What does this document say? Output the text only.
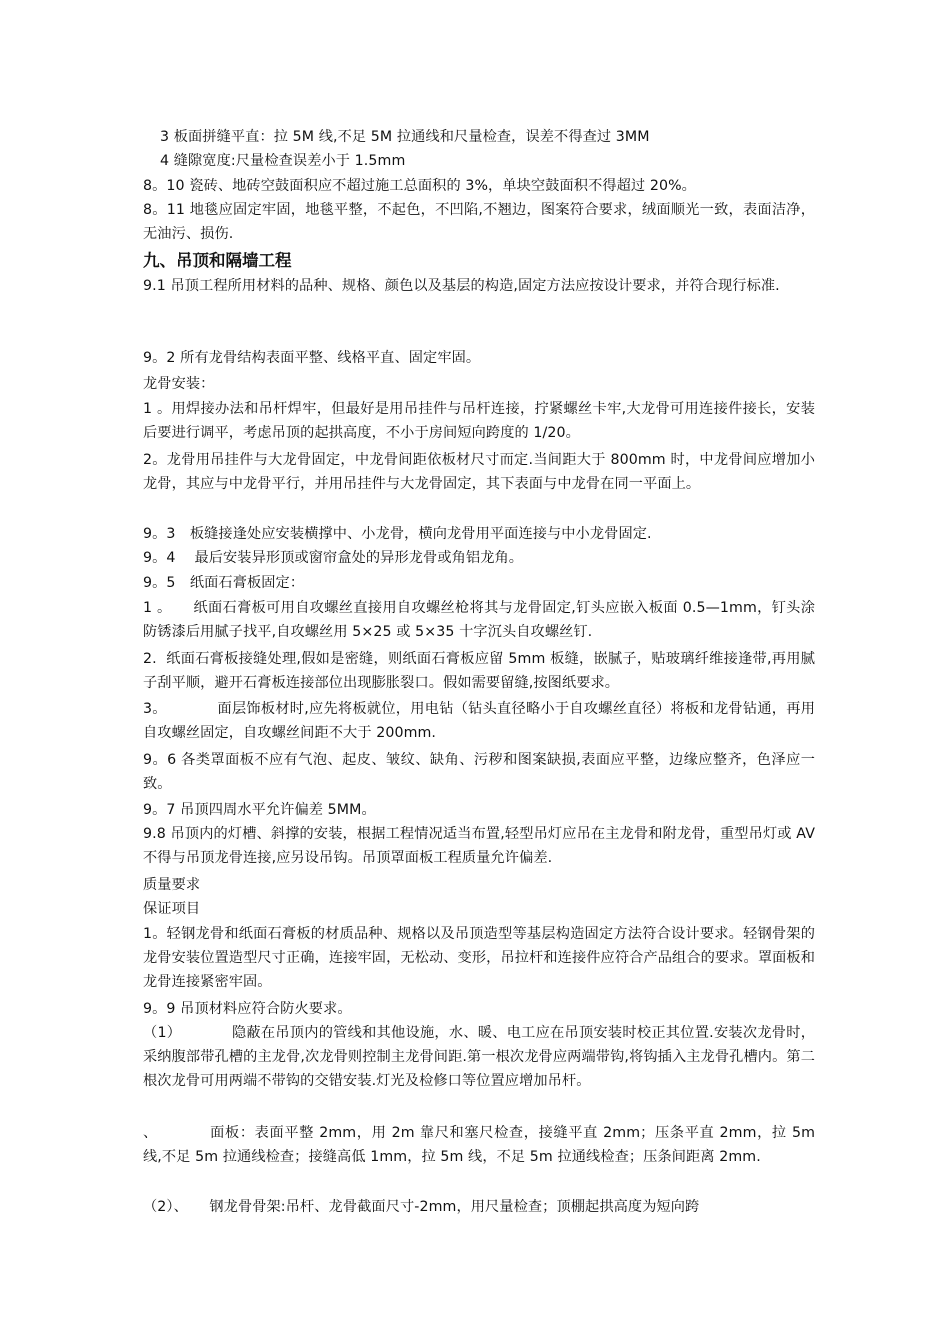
3 板面拼缝平直：拉 5M 线,不足 5M 拉通线和尺量检查，误差不得查过 3MM
4 缝隙宽度:尺量检查误差小于 1.5mm
8。10 瓷砖、地砖空鼓面积应不超过施工总面积的 3%，单块空鼓面积不得超过 20%。
8。11 地毯应固定牢固，地毯平整，不起色，不凹陷,不翘边，图案符合要求，绒面顺光一致，表面洁净，无油污、损伤.
九、吊顶和隔墙工程
9.1 吊顶工程所用材料的品种、规格、颜色以及基层的构造,固定方法应按设计要求，并符合现行标准.
9。2 所有龙骨结构表面平整、线格平直、固定牢固。
龙骨安装：
1 。用焊接办法和吊杆焊牢，但最好是用吊挂件与吊杆连接，拧紧螺丝卡牢,大龙骨可用连接件接长，安装后要进行调平，考虑吊顶的起拱高度，不小于房间短向跨度的 1/20。
2。龙骨用吊挂件与大龙骨固定，中龙骨间距依板材尺寸而定.当间距大于 800mm 时，中龙骨间应增加小龙骨，其应与中龙骨平行，并用吊挂件与大龙骨固定，其下表面与中龙骨在同一平面上。
9。3　板缝接逢处应安装横撑中、小龙骨，横向龙骨用平面连接与中小龙骨固定.
9。4　 最后安装异形顶或窗帘盒处的异形龙骨或角铝龙角。
9。5　纸面石膏板固定：
1 。　　纸面石膏板可用自攻螺丝直接用自攻螺丝枪将其与龙骨固定,钉头应嵌入板面 0.5—1mm，钉头涂防锈漆后用腻子找平,自攻螺丝用 5×25 或 5×35 十字沉头自攻螺丝钉.
2.  纸面石膏板接缝处理,假如是密缝，则纸面石膏板应留 5mm 板缝，嵌腻子，贴玻璃纤维接逢带,再用腻子刮平顺，避开石膏板连接部位出现膨胀裂口。假如需要留缝,按图纸要求。
3。　　　　面层饰板材时,应先将板就位，用电钻（钻头直径略小于自攻螺丝直径）将板和龙骨钻通，再用自攻螺丝固定，自攻螺丝间距不大于 200mm.
9。6 各类罩面板不应有气泡、起皮、皱纹、缺角、污秽和图案缺损,表面应平整，边缘应整齐，色泽应一致。
9。7 吊顶四周水平允许偏差 5MM。
9.8 吊顶内的灯槽、斜撑的安装，根据工程情况适当布置,轻型吊灯应吊在主龙骨和附龙骨，重型吊灯或 AV 不得与吊顶龙骨连接,应另设吊钩。吊顶罩面板工程质量允许偏差.
质量要求
保证项目
1。轻钢龙骨和纸面石膏板的材质品种、规格以及吊顶造型等基层构造固定方法符合设计要求。轻钢骨架的龙骨安装位置造型尺寸正确，连接牢固，无松动、变形，吊拉杆和连接件应符合产品组合的要求。罩面板和龙骨连接紧密牢固。
9。9 吊顶材料应符合防火要求。
（1）　　　　隐蔽在吊顶内的管线和其他设施，水、暖、电工应在吊顶安装时校正其位置.安装次龙骨时，采纳腹部带孔槽的主龙骨,次龙骨则控制主龙骨间距.第一根次龙骨应两端带钩,将钩插入主龙骨孔槽内。第二根次龙骨可用两端不带钩的交错安装.灯光及检修口等位置应增加吊杆。
、　　　　面板：表面平整 2mm，用 2m 靠尺和塞尺检查，接缝平直 2mm；压条平直 2mm，拉 5m 线,不足 5m 拉通线检查；接缝高低 1mm，拉 5m 线，不足 5m 拉通线检查；压条间距离 2mm.
（2）、　　钢龙骨骨架:吊杆、龙骨截面尺寸-2mm，用尺量检查；顶棚起拱高度为短向跨
